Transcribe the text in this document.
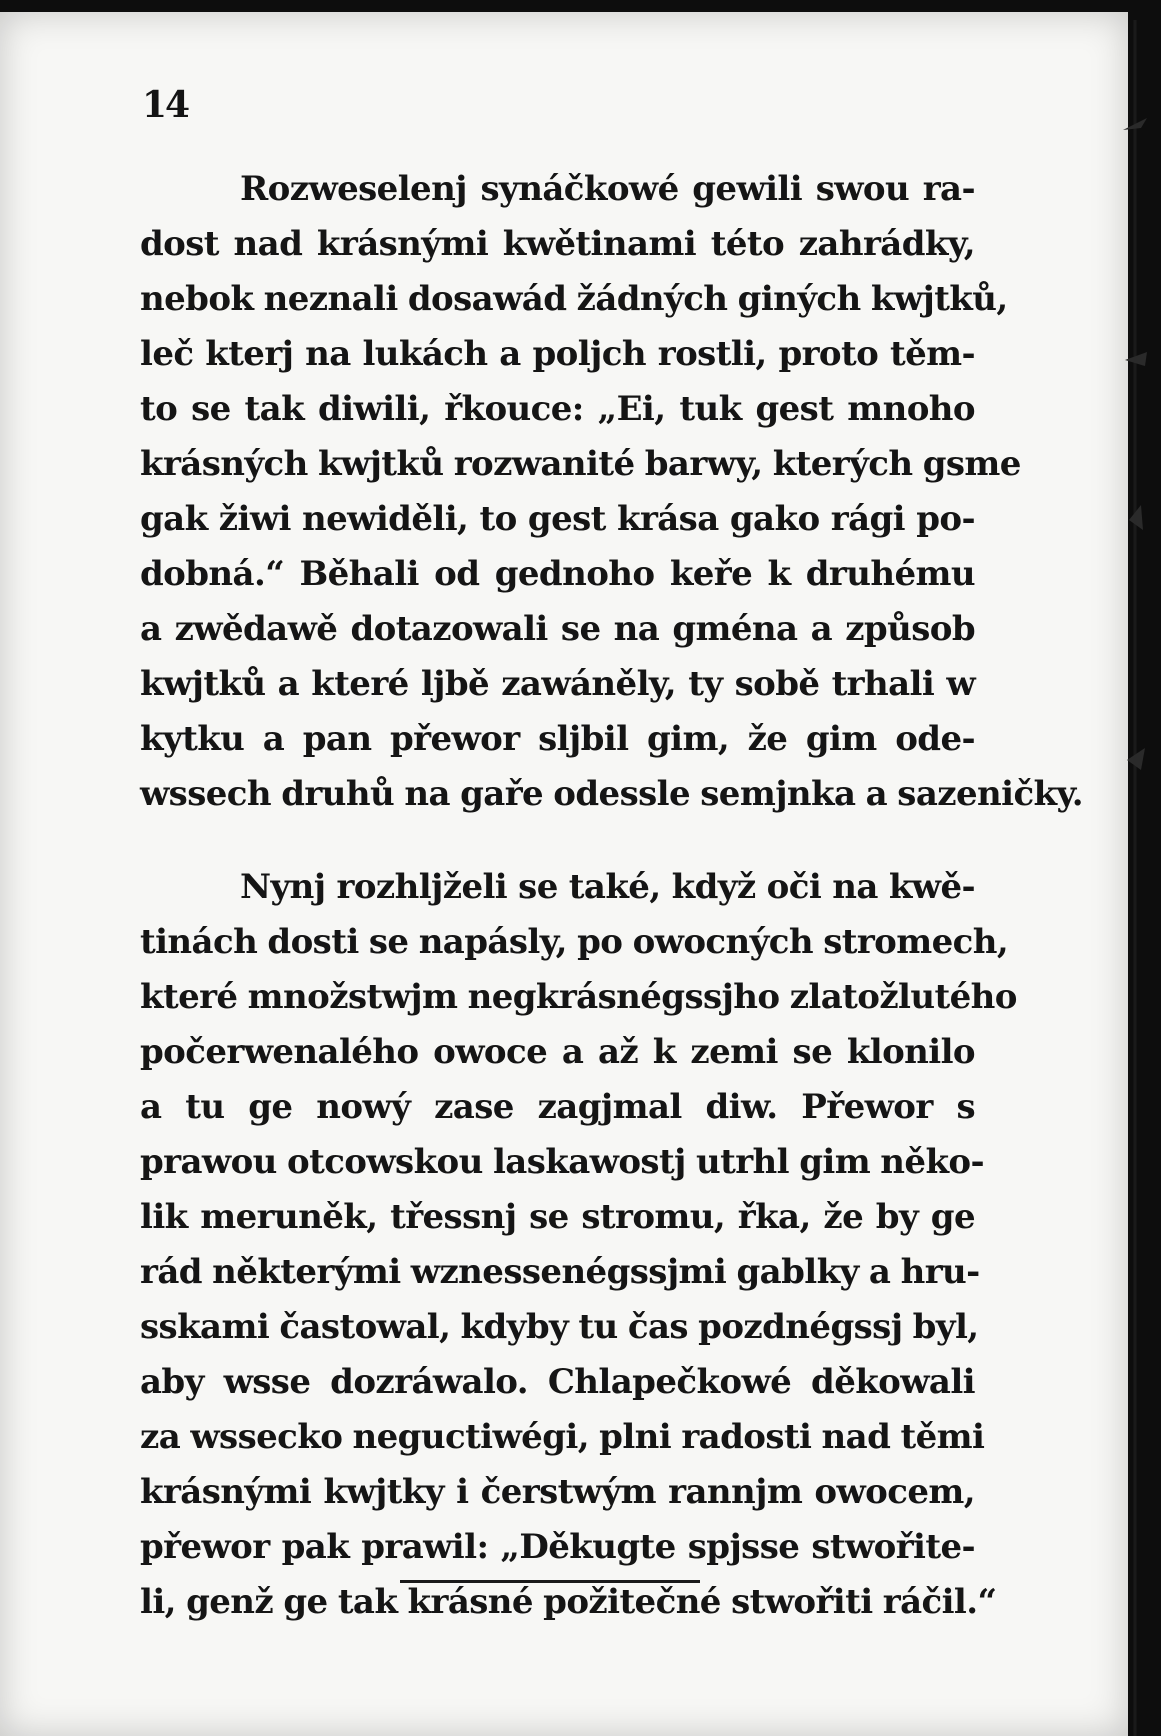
14
Rozweselenj synáčkowé gewili swou ra-
dost nad krásnými kwětinami této zahrádky,
nebok neznali dosawád žádných giných kwjtků,
leč kterj na lukách a poljch rostli, proto těm-
to se tak diwili, řkouce: „Ei, tuk gest mnoho
krásných kwjtků rozwanité barwy, kterých gsme
gak žiwi newiděli, to gest krása gako rági po-
dobná.“ Běhali od gednoho keře k druhému
a zwědawě dotazowali se na gména a způsob
kwjtků a které ljbě zawáněly, ty sobě trhali w
kytku a pan přewor sljbil gim, že gim ode-
wssech druhů na gaře odessle semjnka a sazeničky.
Nynj rozhljželi se také, když oči na kwě-
tinách dosti se napásly, po owocných stromech,
které množstwjm negkrásnégssjho zlatožlutého
počerwenalého owoce a až k zemi se klonilo
a tu ge nowý zase zagjmal diw. Přewor s
prawou otcowskou laskawostj utrhl gim něko-
lik meruněk, třessnj se stromu, řka, že by ge
rád některými wznessenégssjmi gablky a hru-
sskami častowal, kdyby tu čas pozdnégssj byl,
aby wsse dozráwalo. Chlapečkowé děkowali
za wssecko neguctiwégi, plni radosti nad těmi
krásnými kwjtky i čerstwým rannjm owocem,
přewor pak prawil: „Děkugte spjsse stwořite-
li, genž ge tak krásné požitečné stwořiti ráčil.“
